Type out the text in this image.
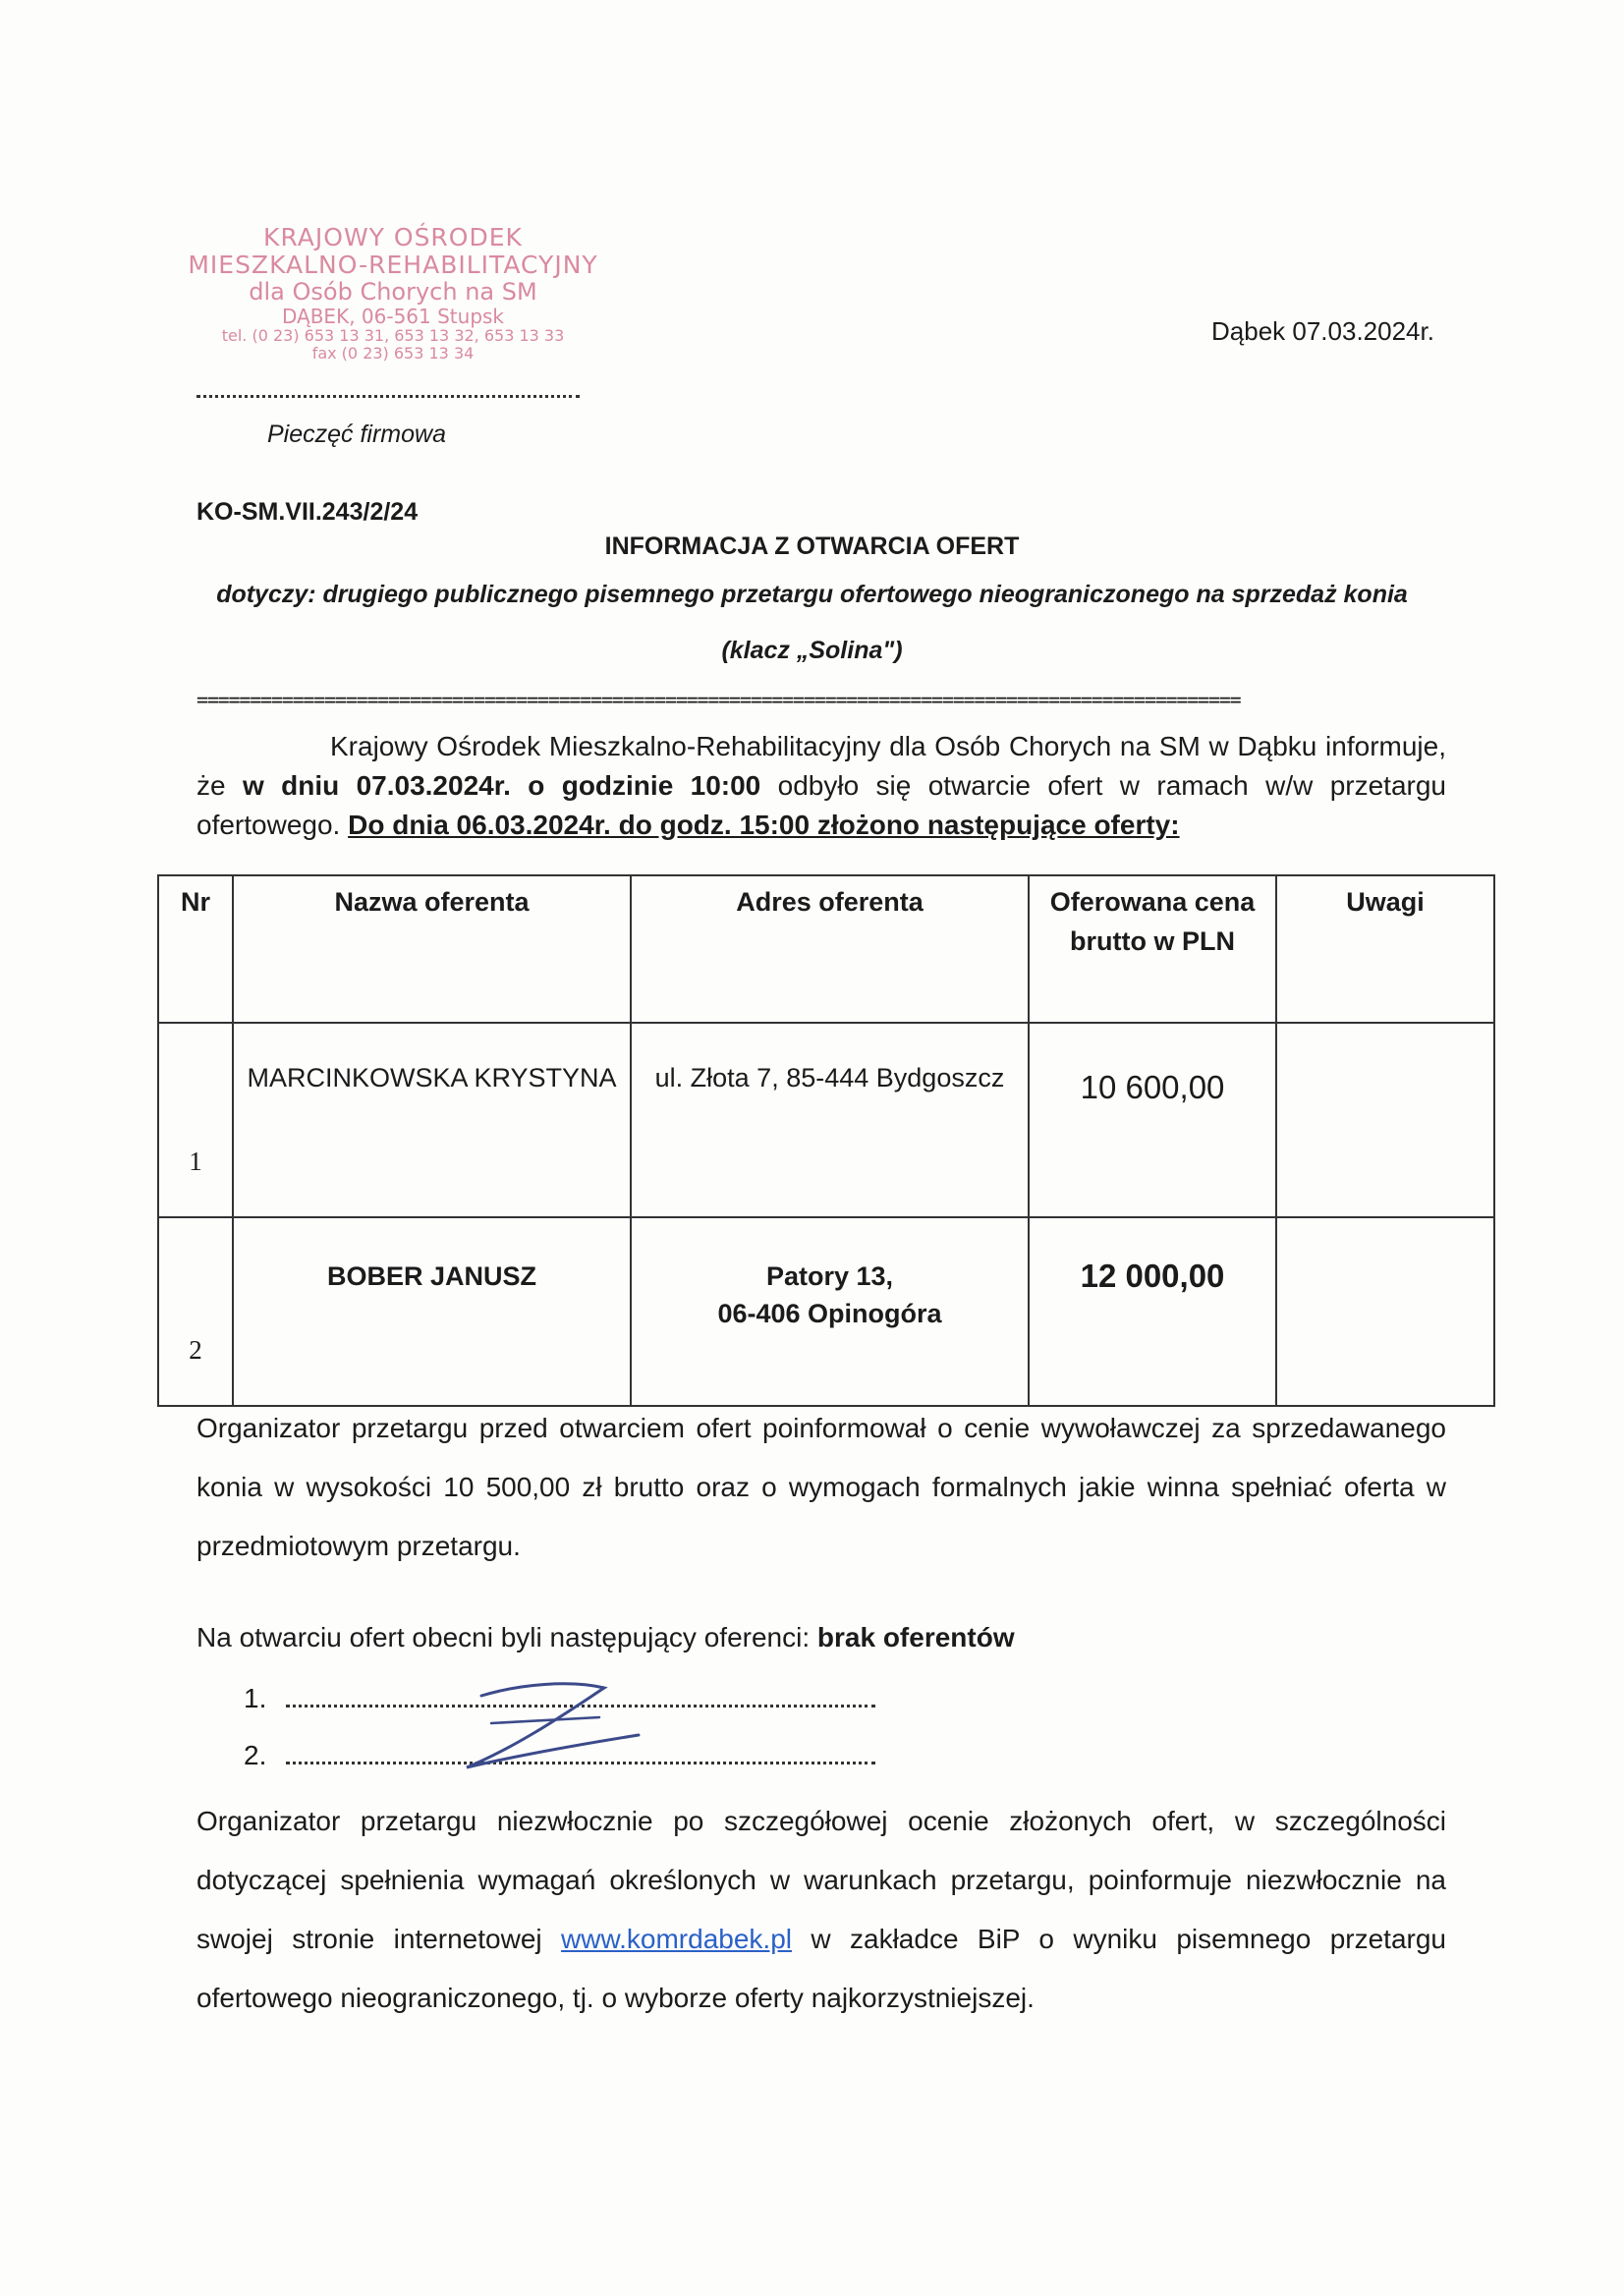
KRAJOWY OŚRODEK
MIESZKALNO-REHABILITACYJNY
dla Osób Chorych na SM
DĄBEK, 06-561 Stupsk
tel. (0 23) 653 13 31, 653 13 32, 653 13 33
fax (0 23) 653 13 34
Pieczęć firmowa
Dąbek 07.03.2024r.
KO-SM.VII.243/2/24
INFORMACJA Z OTWARCIA OFERT
dotyczy: drugiego publicznego pisemnego przetargu ofertowego nieograniczonego na sprzedaż konia
(klacz „Solina")
==================================================================================================
Krajowy Ośrodek Mieszkalno-Rehabilitacyjny dla Osób Chorych na SM w Dąbku informuje, że w dniu 07.03.2024r. o godzinie 10:00 odbyło się otwarcie ofert w ramach w/w przetargu ofertowego. Do dnia 06.03.2024r. do godz. 15:00 złożono następujące oferty:
Nr	Nazwa oferenta	Adres oferenta	Oferowana cena
brutto w PLN	Uwagi
1	MARCINKOWSKA KRYSTYNA	ul. Złota 7, 85-444 Bydgoszcz	10 600,00	
2	BOBER JANUSZ	Patory 13,
06-406 Opinogóra	12 000,00	
Organizator przetargu przed otwarciem ofert poinformował o cenie wywoławczej za sprzedawanego konia w wysokości 10 500,00 zł brutto oraz o wymogach formalnych jakie winna spełniać oferta w przedmiotowym przetargu.
Na otwarciu ofert obecni byli następujący oferenci: brak oferentów
1.
2.
Organizator przetargu niezwłocznie po szczegółowej ocenie złożonych ofert, w szczególności dotyczącej spełnienia wymagań określonych w warunkach przetargu, poinformuje niezwłocznie na swojej stronie internetowej www.komrdabek.pl w zakładce BiP o wyniku pisemnego przetargu ofertowego nieograniczonego, tj. o wyborze oferty najkorzystniejszej.
